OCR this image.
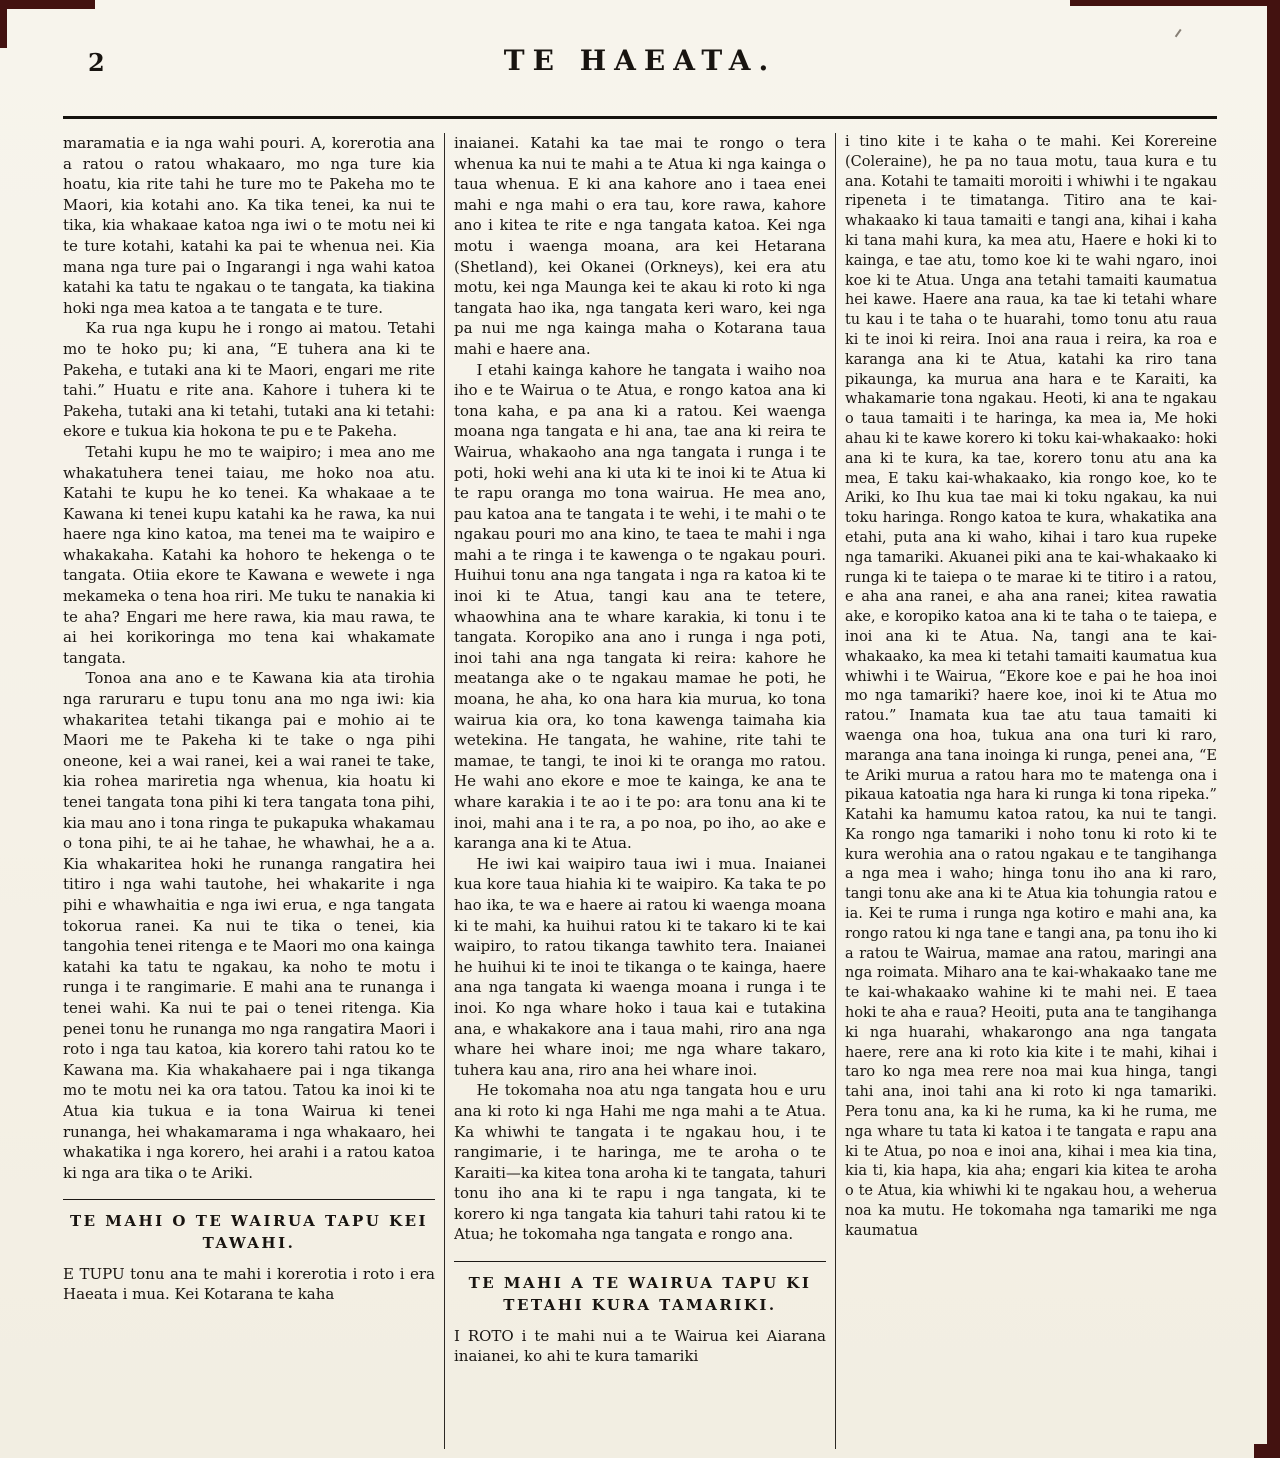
2	TE HAEATA.

maramatia e ia nga wahi pouri. A, korerotia ana a ratou o ratou whakaaro, mo nga ture kia hoatu, kia rite tahi he ture mo te Pakeha mo te Maori, kia kotahi ano. Ka tika tenei, ka nui te tika, kia whakaae katoa nga iwi o te motu nei ki te ture kotahi, katahi ka pai te whenua nei. Kia mana nga ture pai o Ingarangi i nga wahi katoa katahi ka tatu te ngakau o te tangata, ka tiakina hoki nga mea katoa a te tangata e te ture.

Ka rua nga kupu he i rongo ai matou. Tetahi mo te hoko pu; ki ana, “E tuhera ana ki te Pakeha, e tutaki ana ki te Maori, engari me rite tahi.” Huatu e rite ana. Kahore i tuhera ki te Pakeha, tutaki ana ki tetahi, tutaki ana ki tetahi: ekore e tukua kia hokona te pu e te Pakeha.

Tetahi kupu he mo te waipiro; i mea ano me whakatuhera tenei taiau, me hoko noa atu. Katahi te kupu he ko tenei. Ka whakaae a te Kawana ki tenei kupu katahi ka he rawa, ka nui haere nga kino katoa, ma tenei ma te waipiro e whakakaha. Katahi ka hohoro te hekenga o te tangata. Otiia ekore te Kawana e wewete i nga mekameka o tena hoa riri. Me tuku te nanakia ki te aha? Engari me here rawa, kia mau rawa, te ai hei korikoringa mo tena kai whakamate tangata.

Tonoa ana ano e te Kawana kia ata tirohia nga raruraru e tupu tonu ana mo nga iwi: kia whakaritea tetahi tikanga pai e mohio ai te Maori me te Pakeha ki te take o nga pihi oneone, kei a wai ranei, kei a wai ranei te take, kia rohea mariretia nga whenua, kia hoatu ki tenei tangata tona pihi ki tera tangata tona pihi, kia mau ano i tona ringa te pukapuka whakamau o tona pihi, te ai he tahae, he whawhai, he a a. Kia whakaritea hoki he runanga rangatira hei titiro i nga wahi tautohe, hei whakarite i nga pihi e whawhaitia e nga iwi erua, e nga tangata tokorua ranei. Ka nui te tika o tenei, kia tangohia tenei ritenga e te Maori mo ona kainga katahi ka tatu te ngakau, ka noho te motu i runga i te rangimarie. E mahi ana te runanga i tenei wahi. Ka nui te pai o tenei ritenga. Kia penei tonu he runanga mo nga rangatira Maori i roto i nga tau katoa, kia korero tahi ratou ko te Kawana ma. Kia whakahaere pai i nga tikanga mo te motu nei ka ora tatou. Tatou ka inoi ki te Atua kia tukua e ia tona Wairua ki tenei runanga, hei whakamarama i nga whakaaro, hei whakatika i nga korero, hei arahi i a ratou katoa ki nga ara tika o te Ariki.

TE MAHI O TE WAIRUA TAPU KEI TAWAHI.

E TUPU tonu ana te mahi i korerotia i roto i era Haeata i mua. Kei Kotarana te kaha

inaianei. Katahi ka tae mai te rongo o tera whenua ka nui te mahi a te Atua ki nga kainga o taua whenua. E ki ana kahore ano i taea enei mahi e nga mahi o era tau, kore rawa, kahore ano i kitea te rite e nga tangata katoa. Kei nga motu i waenga moana, ara kei Hetarana (Shetland), kei Okanei (Orkneys), kei era atu motu, kei nga Maunga kei te akau ki roto ki nga tangata hao ika, nga tangata keri waro, kei nga pa nui me nga kainga maha o Kotarana taua mahi e haere ana.

I etahi kainga kahore he tangata i waiho noa iho e te Wairua o te Atua, e rongo katoa ana ki tona kaha, e pa ana ki a ratou. Kei waenga moana nga tangata e hi ana, tae ana ki reira te Wairua, whakaoho ana nga tangata i runga i te poti, hoki wehi ana ki uta ki te inoi ki te Atua ki te rapu oranga mo tona wairua. He mea ano, pau katoa ana te tangata i te wehi, i te mahi o te ngakau pouri mo ana kino, te taea te mahi i nga mahi a te ringa i te kawenga o te ngakau pouri. Huihui tonu ana nga tangata i nga ra katoa ki te inoi ki te Atua, tangi kau ana te tetere, whaowhina ana te whare karakia, ki tonu i te tangata. Koropiko ana ano i runga i nga poti, inoi tahi ana nga tangata ki reira: kahore he meatanga ake o te ngakau mamae he poti, he moana, he aha, ko ona hara kia murua, ko tona wairua kia ora, ko tona kawenga taimaha kia wetekina. He tangata, he wahine, rite tahi te mamae, te tangi, te inoi ki te oranga mo ratou. He wahi ano ekore e moe te kainga, ke ana te whare karakia i te ao i te po: ara tonu ana ki te inoi, mahi ana i te ra, a po noa, po iho, ao ake e karanga ana ki te Atua.

He iwi kai waipiro taua iwi i mua. Inaianei kua kore taua hiahia ki te waipiro. Ka taka te po hao ika, te wa e haere ai ratou ki waenga moana ki te mahi, ka huihui ratou ki te takaro ki te kai waipiro, to ratou tikanga tawhito tera. Inaianei he huihui ki te inoi te tikanga o te kainga, haere ana nga tangata ki waenga moana i runga i te inoi. Ko nga whare hoko i taua kai e tutakina ana, e whakakore ana i taua mahi, riro ana nga whare hei whare inoi; me nga whare takaro, tuhera kau ana, riro ana hei whare inoi.

He tokomaha noa atu nga tangata hou e uru ana ki roto ki nga Hahi me nga mahi a te Atua. Ka whiwhi te tangata i te ngakau hou, i te rangimarie, i te haringa, me te aroha o te Karaiti—ka kitea tona aroha ki te tangata, tahuri tonu iho ana ki te rapu i nga tangata, ki te korero ki nga tangata kia tahuri tahi ratou ki te Atua; he tokomaha nga tangata e rongo ana.

TE MAHI A TE WAIRUA TAPU KI TETAHI KURA TAMARIKI.

I ROTO i te mahi nui a te Wairua kei Aiarana inaianei, ko ahi te kura tamariki

i tino kite i te kaha o te mahi. Kei Korereine (Coleraine), he pa no taua motu, taua kura e tu ana. Kotahi te tamaiti moroiti i whiwhi i te ngakau ripeneta i te timatanga. Titiro ana te kai-whakaako ki taua tamaiti e tangi ana, kihai i kaha ki tana mahi kura, ka mea atu, Haere e hoki ki to kainga, e tae atu, tomo koe ki te wahi ngaro, inoi koe ki te Atua. Unga ana tetahi tamaiti kaumatua hei kawe. Haere ana raua, ka tae ki tetahi whare tu kau i te taha o te huarahi, tomo tonu atu raua ki te inoi ki reira. Inoi ana raua i reira, ka roa e karanga ana ki te Atua, katahi ka riro tana pikaunga, ka murua ana hara e te Karaiti, ka whakamarie tona ngakau. Heoti, ki ana te ngakau o taua tamaiti i te haringa, ka mea ia, Me hoki ahau ki te kawe korero ki toku kai-whakaako: hoki ana ki te kura, ka tae, korero tonu atu ana ka mea, E taku kai-whakaako, kia rongo koe, ko te Ariki, ko Ihu kua tae mai ki toku ngakau, ka nui toku haringa. Rongo katoa te kura, whakatika ana etahi, puta ana ki waho, kihai i taro kua rupeke nga tamariki. Akuanei piki ana te kai-whakaako ki runga ki te taiepa o te marae ki te titiro i a ratou, e aha ana ranei, e aha ana ranei; kitea rawatia ake, e koropiko katoa ana ki te taha o te taiepa, e inoi ana ki te Atua. Na, tangi ana te kai-whakaako, ka mea ki tetahi tamaiti kaumatua kua whiwhi i te Wairua, “Ekore koe e pai he hoa inoi mo nga tamariki? haere koe, inoi ki te Atua mo ratou.” Inamata kua tae atu taua tamaiti ki waenga ona hoa, tukua ana ona turi ki raro, maranga ana tana inoinga ki runga, penei ana, “E te Ariki murua a ratou hara mo te matenga ona i pikaua katoatia nga hara ki runga ki tona ripeka.” Katahi ka hamumu katoa ratou, ka nui te tangi. Ka rongo nga tamariki i noho tonu ki roto ki te kura werohia ana o ratou ngakau e te tangihanga a nga mea i waho; hinga tonu iho ana ki raro, tangi tonu ake ana ki te Atua kia tohungia ratou e ia. Kei te ruma i runga nga kotiro e mahi ana, ka rongo ratou ki nga tane e tangi ana, pa tonu iho ki a ratou te Wairua, mamae ana ratou, maringi ana nga roimata. Miharo ana te kai-whakaako tane me te kai-whakaako wahine ki te mahi nei. E taea hoki te aha e raua? Heoiti, puta ana te tangihanga ki nga huarahi, whakarongo ana nga tangata haere, rere ana ki roto kia kite i te mahi, kihai i taro ko nga mea rere noa mai kua hinga, tangi tahi ana, inoi tahi ana ki roto ki nga tamariki. Pera tonu ana, ka ki he ruma, ka ki he ruma, me nga whare tu tata ki katoa i te tangata e rapu ana ki te Atua, po noa e inoi ana, kihai i mea kia tina, kia ti, kia hapa, kia aha; engari kia kitea te aroha o te Atua, kia whiwhi ki te ngakau hou, a weherua noa ka mutu. He tokomaha nga tamariki me nga kaumatua
